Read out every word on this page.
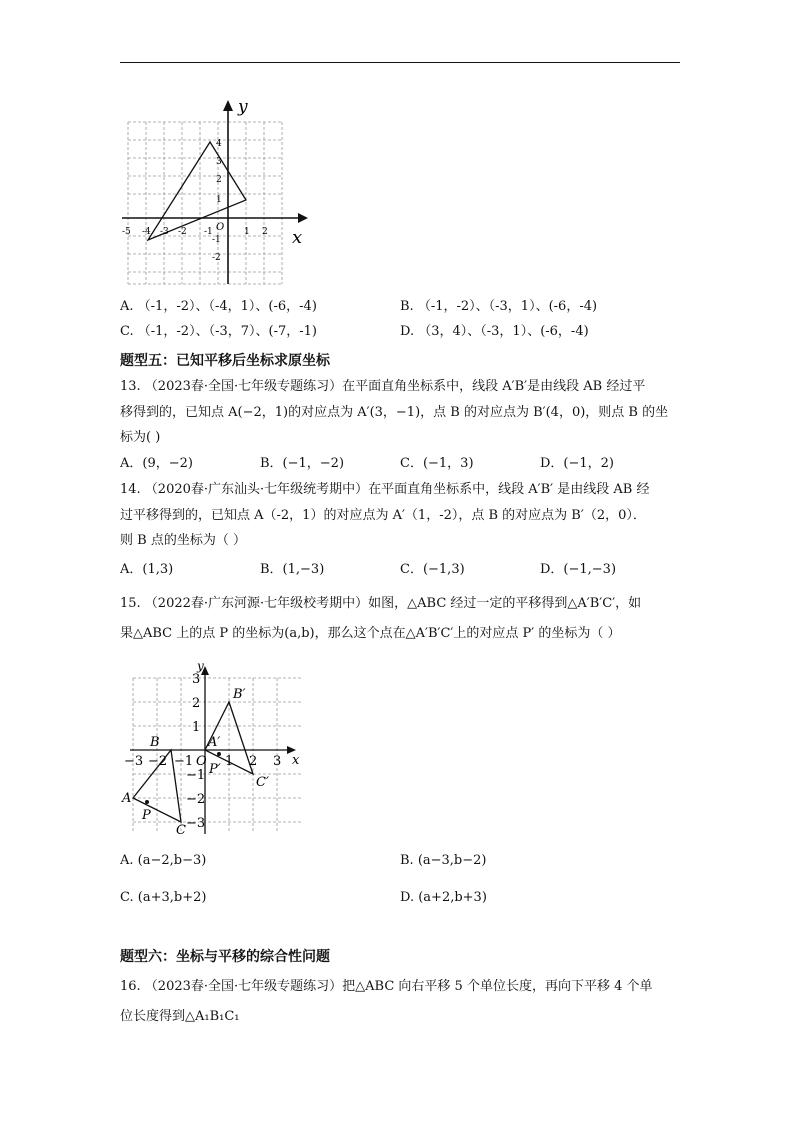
y
x
O
-5 -4 -3 -2 -1	1 2
4
3
2
1
-1
-2
A. （-1，-2）、（-4，1）、(-6，-4)	B. （-1，-2）、（-3，1）、(-6，-4)
C. （-1，-2）、（-3，7）、(-7，-1)	D. （3，4）、（-3，1）、(-6，-4)
题型五：已知平移后坐标求原坐标
13. （2023春·全国·七年级专题练习）在平面直角坐标系中，线段 A′B′是由线段 AB 经过平
移得到的，已知点 A(−2，1)的对应点为 A′(3，−1)，点 B 的对应点为 B′(4，0)，则点 B 的坐
标为( )
A．(9，−2)	B．(−1，−2)	C．(−1，3)	D．(−1，2)
14. （2020春·广东汕头·七年级统考期中）在平面直角坐标系中，线段 A′B′ 是由线段 AB 经
过平移得到的，已知点 A（-2，1）的对应点为 A′（1，-2），点 B 的对应点为 B′（2，0）．
则 B 点的坐标为（ ）
A．(1,3)	B．(1,−3)	C．(−1,3)	D．(−1,−3)
15. （2022春·广东河源·七年级校考期中）如图，△ABC 经过一定的平移得到△A′B′C′，如
果△ABC 上的点 P 的坐标为(a,b)，那么这个点在△A′B′C′上的对应点 P′ 的坐标为（ ）
y
x
O
−3 −2 −1 1 2 3
3
2
1
−1
−2
−3
A
B
C
P
A′
B′
C′
P′
A. (a−2,b−3)	B. (a−3,b−2)
C. (a+3,b+2)	D. (a+2,b+3)
题型六：坐标与平移的综合性问题
16. （2023春·全国·七年级专题练习）把△ABC 向右平移 5 个单位长度，再向下平移 4 个单
位长度得到△A₁B₁C₁
